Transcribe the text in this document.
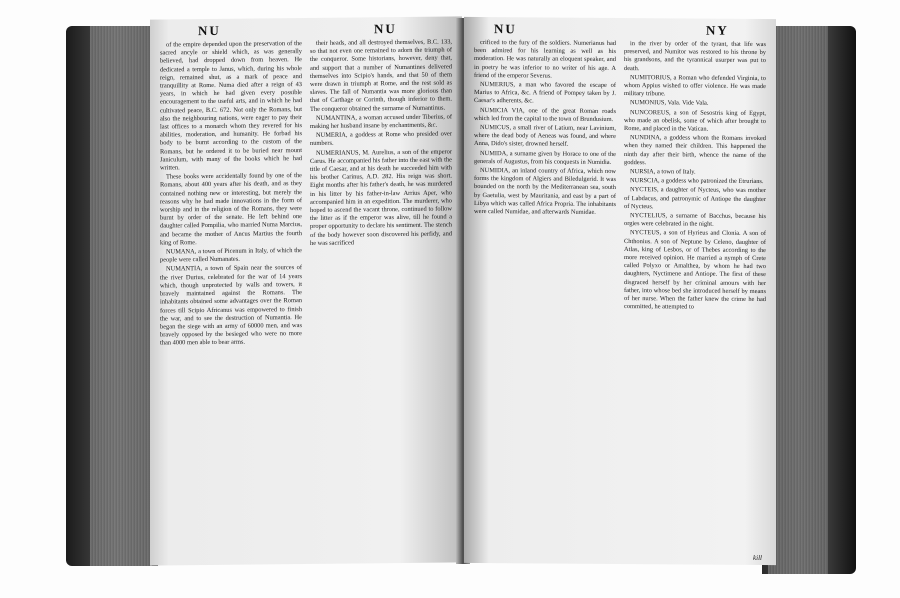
NU	NU

of the empire depended upon the preservation of the sacred ancyle or shield which, as was generally believed, had dropped down from heaven. He dedicated a temple to Janus, which, during his whole reign, remained shut, as a mark of peace and tranquillity at Rome. Numa died after a reign of 43 years, in which he had given every possible encouragement to the useful arts, and in which he had cultivated peace, B.C. 672. Not only the Romans, but also the neighbouring nations, were eager to pay their last offices to a monarch whom they revered for his abilities, moderation, and humanity. He forbad his body to be burnt according to the custom of the Romans, but he ordered it to be buried near mount Janiculum, with many of the books which he had written.

These books were accidentally found by one of the Romans, about 400 years after his death, and as they contained nothing new or interesting, but merely the reasons why he had made innovations in the form of worship and in the religion of the Romans, they were burnt by order of the senate. He left behind one daughter called Pompilia, who married Numa Marcius, and became the mother of Ancus Martius the fourth king of Rome.

NUMANA, a town of Picenum in Italy, of which the people were called Numanates.

NUMANTIA, a town of Spain near the sources of the river Durius, celebrated for the war of 14 years which, though unprotected by walls and towers, it bravely maintained against the Romans. The inhabitants obtained some advantages over the Roman forces till Scipio Africanus was empowered to finish the war, and to see the destruction of Numantia. He began the siege with an army of 60000 men, and was bravely opposed by the besieged who were no more than 4000 men able to bear arms.

their heads, and all destroyed themselves, B.C. 133, so that not even one remained to adorn the triumph of the conqueror. Some historians, however, deny that, and support that a number of Numantines delivered themselves into Scipio's hands, and that 50 of them were drawn in triumph at Rome, and the rest sold as slaves. The fall of Numantia was more glorious than that of Carthage or Corinth, though inferior to them. The conqueror obtained the surname of Numantinus.

NUMANTINA, a woman accused under Tiberius, of making her husband insane by enchantments, &c.

NUMERIA, a goddess at Rome who presided over numbers.

NUMERIANUS, M. Aurelius, a son of the emperor Carus. He accompanied his father into the east with the title of Caesar, and at his death he succeeded him with his brother Carinus, A.D. 282. His reign was short. Eight months after his father's death, he was murdered in his litter by his father-in-law Arrius Aper, who accompanied him in an expedition. The murderer, who hoped to ascend the vacant throne, continued to follow the litter as if the emperor was alive, till he found a proper opportunity to declare his sentiment. The stench of the body however soon discovered his perfidy, and he was sacrificed

NU	NY

crificed to the fury of the soldiers. Numerianus had been admired for his learning as well as his moderation. He was naturally an eloquent speaker, and in poetry he was inferior to no writer of his age. A friend of the emperor Severus.

NUMERIUS, a man who favored the escape of Marius to Africa, &c. A friend of Pompey taken by J. Caesar's adherents, &c.

NUMICIA VIA, one of the great Roman roads which led from the capital to the town of Brundusium.

NUMICUS, a small river of Latium, near Lavinium, where the dead body of Aeneas was found, and where Anna, Dido's sister, drowned herself.

NUMIDA, a surname given by Horace to one of the generals of Augustus, from his conquests in Numidia.

NUMIDIA, an inland country of Africa, which now forms the kingdom of Algiers and Biledulgerid. It was bounded on the north by the Mediterranean sea, south by Gaetulia, west by Mauritania, and east by a part of Libya which was called Africa Propria. The inhabitants were called Numidae, and afterwards Numidae.

in the river by order of the tyrant, that life was preserved, and Numitor was restored to his throne by his grandsons, and the tyrannical usurper was put to death.

NUMITORIUS, a Roman who defended Virginia, to whom Appius wished to offer violence. He was made military tribune.

NUMONIUS, Vala. Vide Vala.

NUNCOREUS, a son of Sesostris king of Egypt, who made an obelisk, some of which after brought to Rome, and placed in the Vatican.

NUNDINA, a goddess whom the Romans invoked when they named their children. This happened the ninth day after their birth, whence the name of the goddess.

NURSIA, a town of Italy.

NURSCIA, a goddess who patronized the Etrurians.

NYCTEIS, a daughter of Nycteus, who was mother of Labdacus, and patronymic of Antiope the daughter of Nycteus.

NYCTELIUS, a surname of Bacchus, because his orgies were celebrated in the night.

NYCTEUS, a son of Hyrieus and Clonia. A son of Chthonius. A son of Neptune by Celeno, daughter of Atlas, king of Lesbos, or of Thebes according to the more received opinion. He married a nymph of Crete called Polyxo or Amalthea, by whom he had two daughters, Nyctimene and Antiope. The first of these disgraced herself by her criminal amours with her father, into whose bed she introduced herself by means of her nurse. When the father knew the crime he had committed, he attempted to

kill
